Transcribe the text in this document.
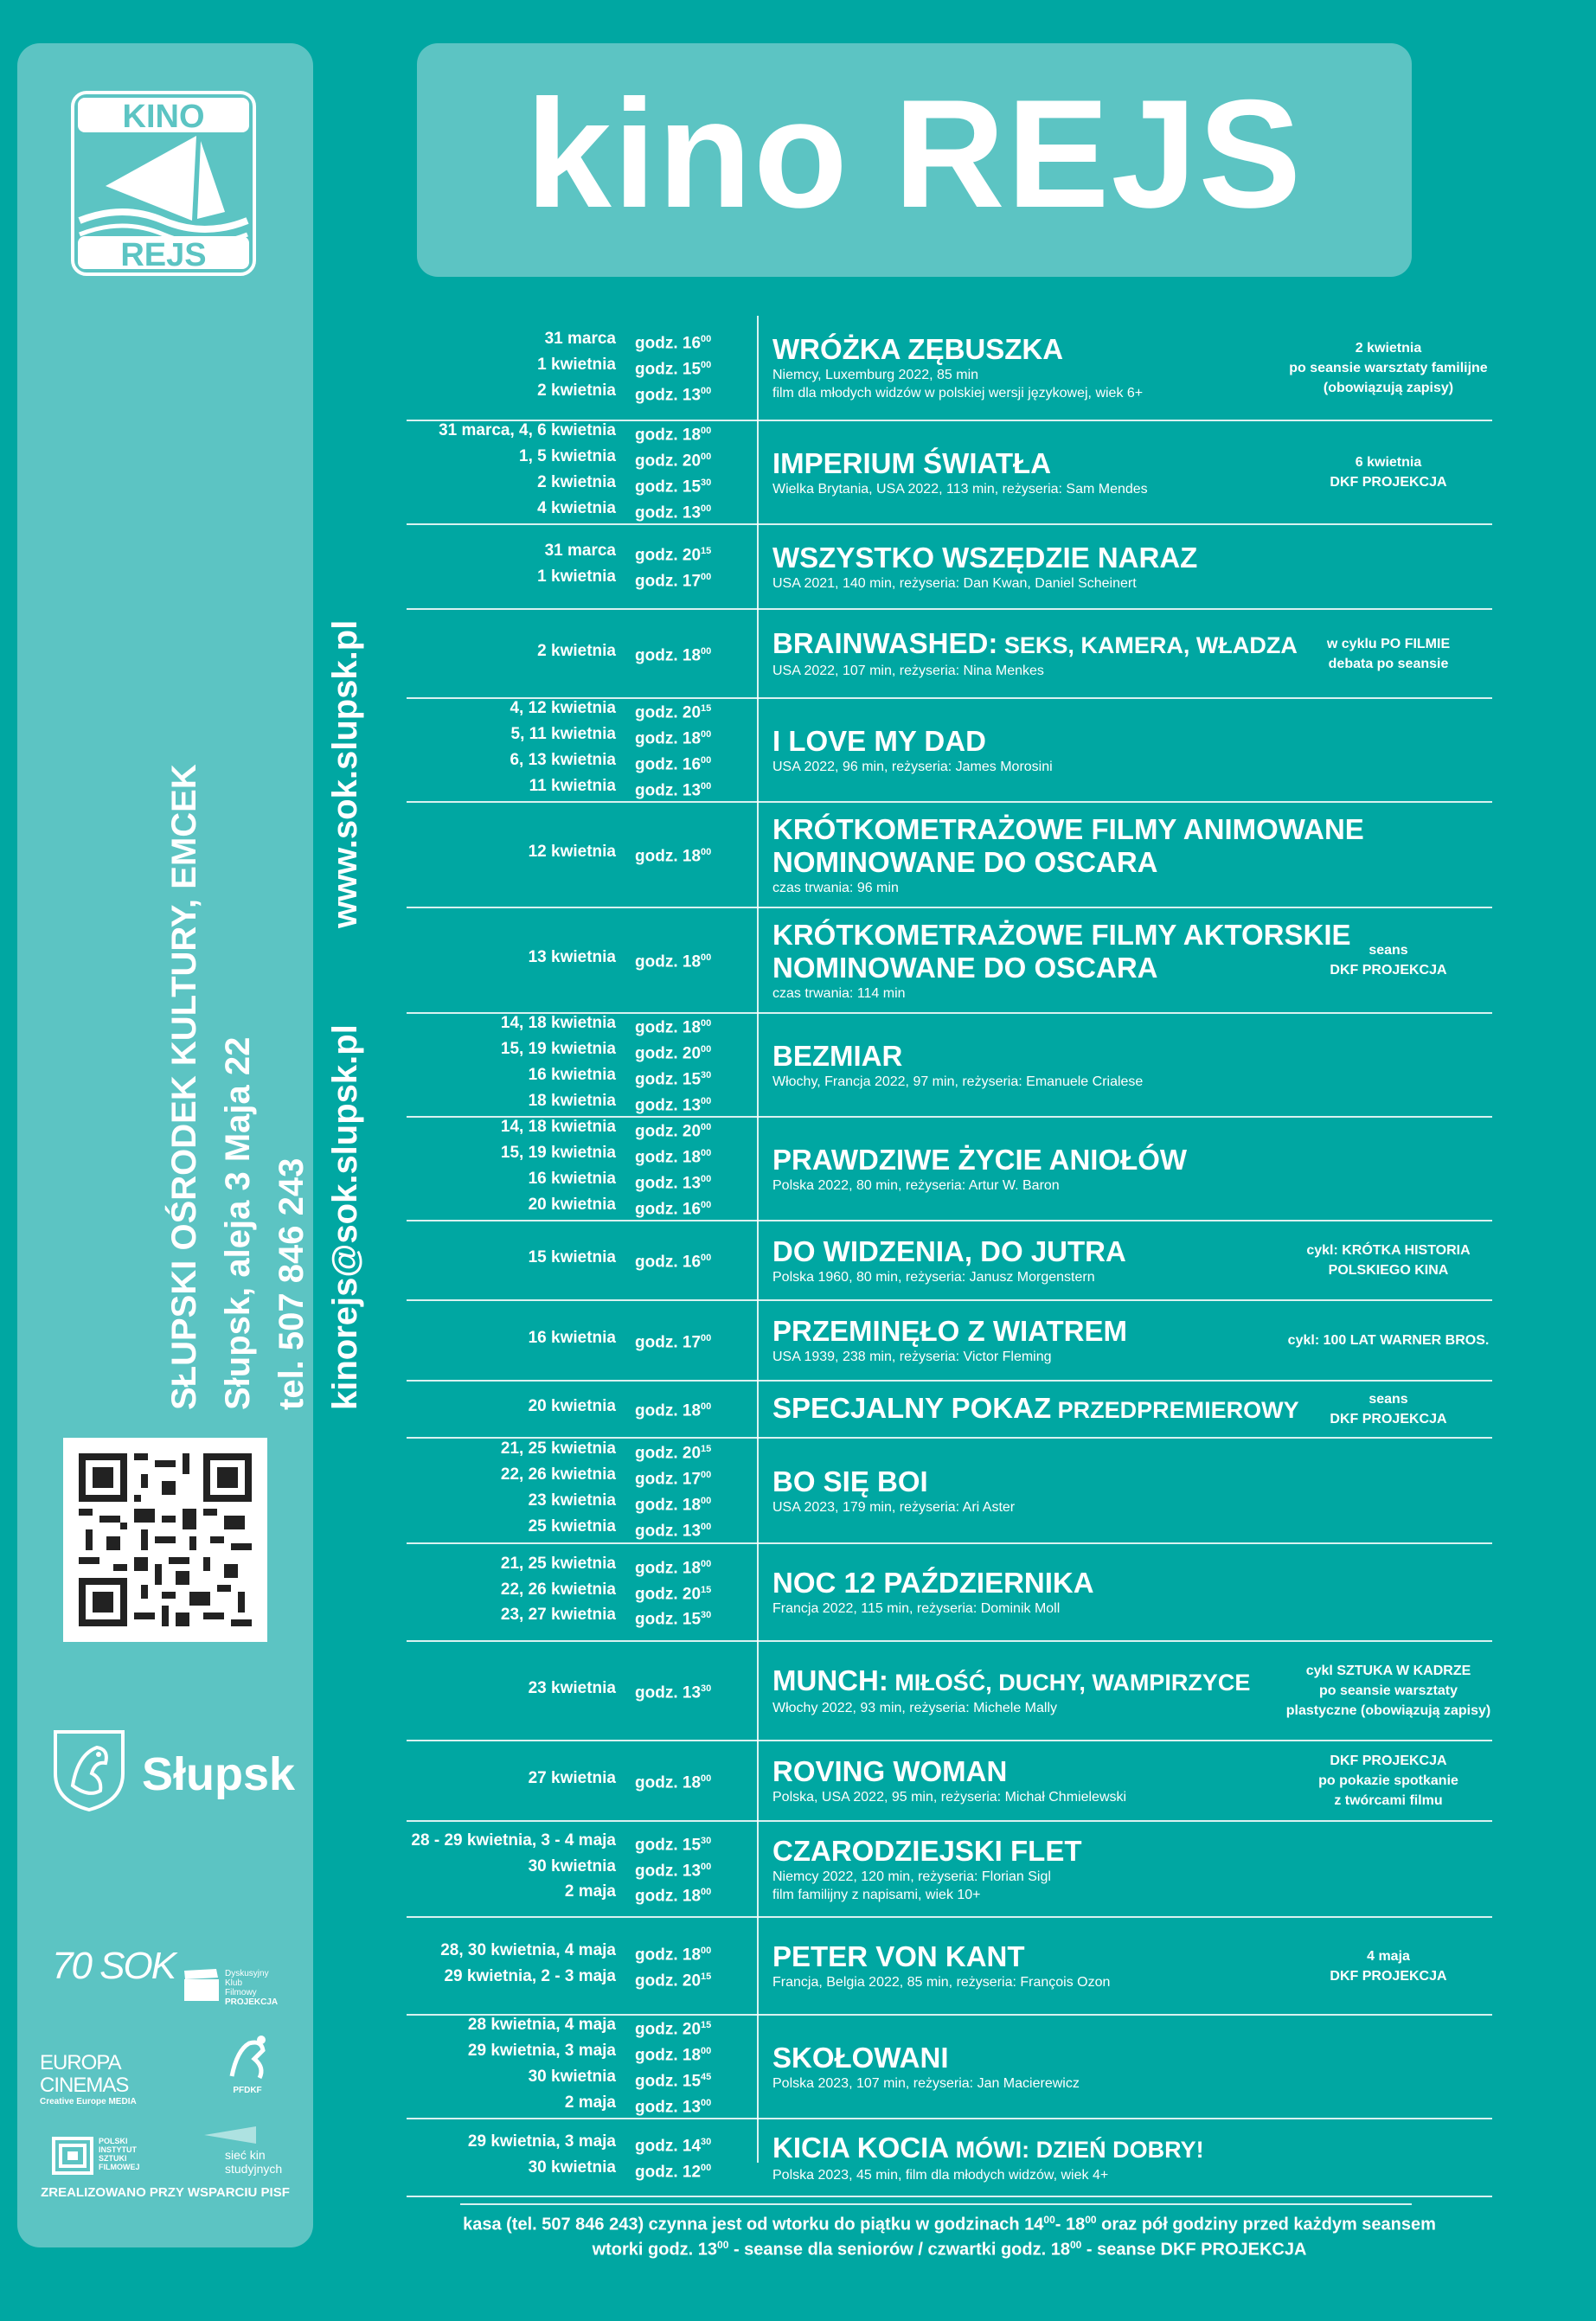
KINO
REJS
SŁUPSKI OŚRODEK KULTURY, EMCEK Słupsk, aleja 3 Maja 22 tel. 507 846 243 kinorejs@sok.slupsk.pl          www.sok.slupsk.pl
Słupsk
70 SOK	Dyskusyjny
Klub
Filmowy
PROJEKCJA
EUROPA CINEMAS
Creative Europe MEDIA
PFDKF
POLSKI
INSTYTUT
SZTUKI
FILMOWEJ
sieć kin
studyjnych
ZREALIZOWANO PRZY WSPARCIU PISF
kino REJS
31 marca	godz. $16^{00}$
1 kwietnia	godz. $15^{00}$
2 kwietnia	godz. $13^{00}$
WRÓŻKA ZĘBUSZKA
Niemcy, Luxemburg 2022, 85 min
film dla młodych widzów w polskiej wersji językowej, wiek 6+
2 kwietnia
po seansie warsztaty familijne
(obowiązują zapisy)
31 marca, 4, 6 kwietnia	godz. $18^{00}$
1, 5 kwietnia	godz. $20^{00}$
2 kwietnia	godz. $15^{30}$
4 kwietnia	godz. $13^{00}$
IMPERIUM ŚWIATŁA
Wielka Brytania, USA 2022, 113 min, reżyseria: Sam Mendes
6 kwietnia
DKF PROJEKCJA
31 marca	godz. $20^{15}$
1 kwietnia	godz. $17^{00}$
WSZYSTKO WSZĘDZIE NARAZ
USA 2021, 140 min, reżyseria: Dan Kwan, Daniel Scheinert
2 kwietnia	godz. $18^{00}$	BRAINWASHED: SEKS, KAMERA, WŁADZA
USA 2022, 107 min, reżyseria: Nina Menkes
w cyklu PO FILMIE
debata po seansie
4, 12 kwietnia	godz. $20^{15}$
5, 11 kwietnia	godz. $18^{00}$
6, 13 kwietnia	godz. $16^{00}$
11 kwietnia	godz. $13^{00}$
I LOVE MY DAD
USA 2022, 96 min, reżyseria: James Morosini
12 kwietnia	godz. $18^{00}$
KRÓTKOMETRAŻOWE FILMY ANIMOWANE
NOMINOWANE DO OSCARA
czas trwania: 96 min
13 kwietnia	godz. $18^{00}$
KRÓTKOMETRAŻOWE FILMY AKTORSKIE
NOMINOWANE DO OSCARA
czas trwania: 114 min
seans
DKF PROJEKCJA
14, 18 kwietnia	godz. $18^{00}$
15, 19 kwietnia	godz. $20^{00}$
16 kwietnia	godz. $15^{30}$
18 kwietnia	godz. $13^{00}$
BEZMIAR
Włochy, Francja 2022, 97 min, reżyseria: Emanuele Crialese
14, 18 kwietnia	godz. $20^{00}$
15, 19 kwietnia	godz. $18^{00}$
16 kwietnia	godz. $13^{00}$
20 kwietnia	godz. $16^{00}$
PRAWDZIWE ŻYCIE ANIOŁÓW
Polska 2022, 80 min, reżyseria: Artur W. Baron
15 kwietnia	godz. $16^{00}$	DO WIDZENIA, DO JUTRA
Polska 1960, 80 min, reżyseria: Janusz Morgenstern
cykl: KRÓTKA HISTORIA
POLSKIEGO KINA
16 kwietnia	godz. $17^{00}$	PRZEMINĘŁO Z WIATREM
USA 1939, 238 min, reżyseria: Victor Fleming
cykl: 100 LAT WARNER BROS.
20 kwietnia	godz. $18^{00}$	SPECJALNY POKAZ PRZEDPREMIEROWY	seans
DKF PROJEKCJA
21, 25 kwietnia	godz. $20^{15}$
22, 26 kwietnia	godz. $17^{00}$
23 kwietnia	godz. $18^{00}$
25 kwietnia	godz. $13^{00}$
BO SIĘ BOI
USA 2023, 179 min, reżyseria: Ari Aster
21, 25 kwietnia	godz. $18^{00}$
22, 26 kwietnia	godz. $20^{15}$
23, 27 kwietnia	godz. $15^{30}$
NOC 12 PAŹDZIERNIKA
Francja 2022, 115 min, reżyseria: Dominik Moll
23 kwietnia	godz. $13^{30}$	MUNCH: MIŁOŚĆ, DUCHY, WAMPIRZYCE
Włochy 2022, 93 min, reżyseria: Michele Mally
cykl SZTUKA W KADRZE
po seansie warsztaty
plastyczne (obowiązują zapisy)
27 kwietnia	godz. $18^{00}$	ROVING WOMAN
Polska, USA 2022, 95 min, reżyseria: Michał Chmielewski
DKF PROJEKCJA
po pokazie spotkanie
z twórcami filmu
28 - 29 kwietnia, 3 - 4 maja	godz. $15^{30}$
30 kwietnia	godz. $13^{00}$
2 maja	godz. $18^{00}$
CZARODZIEJSKI FLET
Niemcy 2022, 120 min, reżyseria: Florian Sigl
film familijny z napisami, wiek 10+
28, 30 kwietnia, 4 maja	godz. $18^{00}$
29 kwietnia, 2 - 3 maja	godz. $20^{15}$
PETER VON KANT
Francja, Belgia 2022, 85 min, reżyseria: François Ozon
4 maja
DKF PROJEKCJA
28 kwietnia, 4 maja	godz. $20^{15}$
29 kwietnia, 3 maja	godz. $18^{00}$
30 kwietnia	godz. $15^{45}$
2 maja	godz. $13^{00}$
SKOŁOWANI
Polska 2023, 107 min, reżyseria: Jan Macierewicz
29 kwietnia, 3 maja	godz. $14^{30}$
30 kwietnia	godz. $12^{00}$
KICIA KOCIA MÓWI: DZIEŃ DOBRY!
Polska 2023, 45 min, film dla młodych widzów, wiek 4+
kasa (tel. 507 846 243) czynna jest od wtorku do piątku w godzinach $14^{00}-$ $18^{00}$ oraz pół godziny przed każdym seansem
wtorki godz. $13^{00}$ - seanse dla seniorów / czwartki godz. $18^{00}$ - seanse DKF PROJEKCJA
